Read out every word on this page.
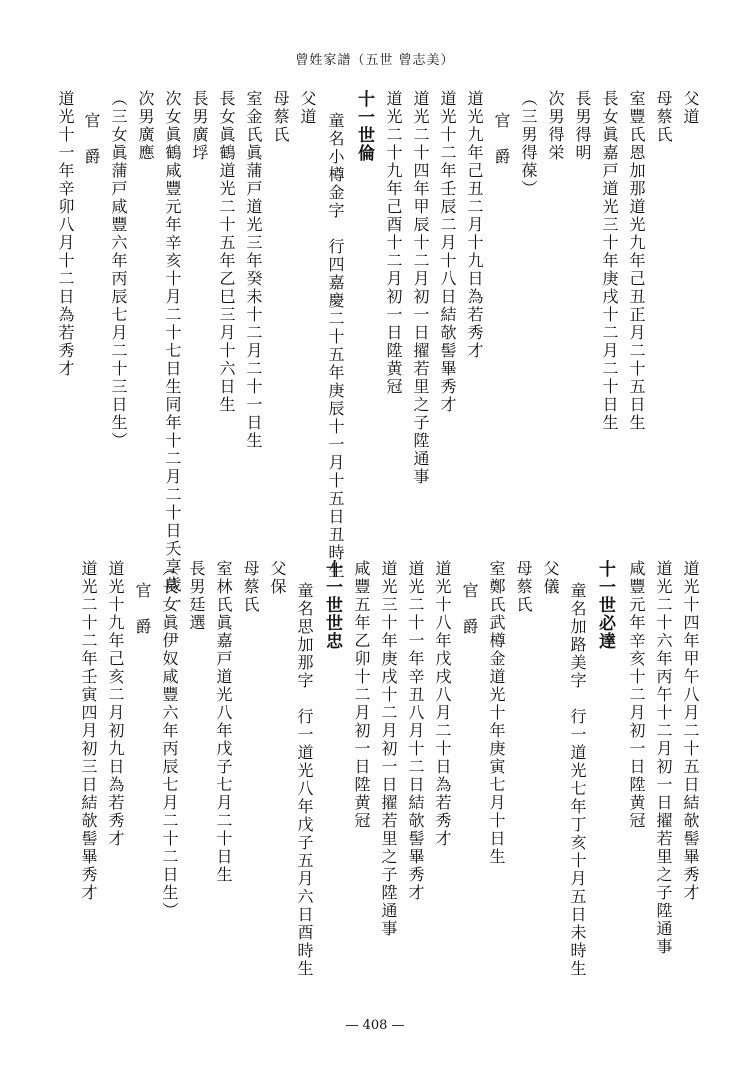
曾姓家譜（五世 曾志美）
父道
母蔡氏
室豐氏恩加那道光九年己丑正月二十五日生
長女眞嘉戸道光三十年庚戌十二月二十日生
長男得明
次男得栄
（三男得葆）
官　爵
道光九年己丑二月十九日為若秀才
道光十二年壬辰二月十八日結欹髻畢秀才
道光二十四年甲辰十二月初一日擢若里之子陞通事
道光二十九年己酉十二月初一日陞黄冠
十一世倫
童名小樽金字　行四嘉慶二十五年庚辰十一月十五日丑時生
父道
母蔡氏
室金氏眞蒲戸道光三年癸未十二月二十一日生
長女眞鶴道光二十五年乙巳三月十六日生
長男廣垺
次女眞鶴咸豐元年辛亥十月二十七日生同年十二月二十日夭享歳一
次男廣應
（三女眞蒲戸咸豐六年丙辰七月二十三日生）
官　爵
道光十一年辛卯八月十二日為若秀才
道光十四年甲午八月二十五日結欹髻畢秀才
道光二十六年丙午十二月初一日擢若里之子陞通事
咸豐元年辛亥十二月初一日陞黄冠
十一世必達
童名加路美字　行一道光七年丁亥十月五日未時生
父儀
母蔡氏
室鄭氏武樽金道光十年庚寅七月十日生
官　爵
道光十八年戊戌八月二十日為若秀才
道光二十一年辛丑八月十二日結欹髻畢秀才
道光三十年庚戌十二月初一日擢若里之子陞通事
咸豐五年乙卯十二月初一日陞黄冠
十一世世忠
童名思加那字　行一道光八年戊子五月六日酉時生
父保
母蔡氏
室林氏眞嘉戸道光八年戊子七月二十日生
長男廷選
（長女眞伊奴咸豐六年丙辰七月二十二日生）
官　爵
道光十九年己亥二月初九日為若秀才
道光二十二年壬寅四月初三日結欹髻畢秀才
— 408 —
